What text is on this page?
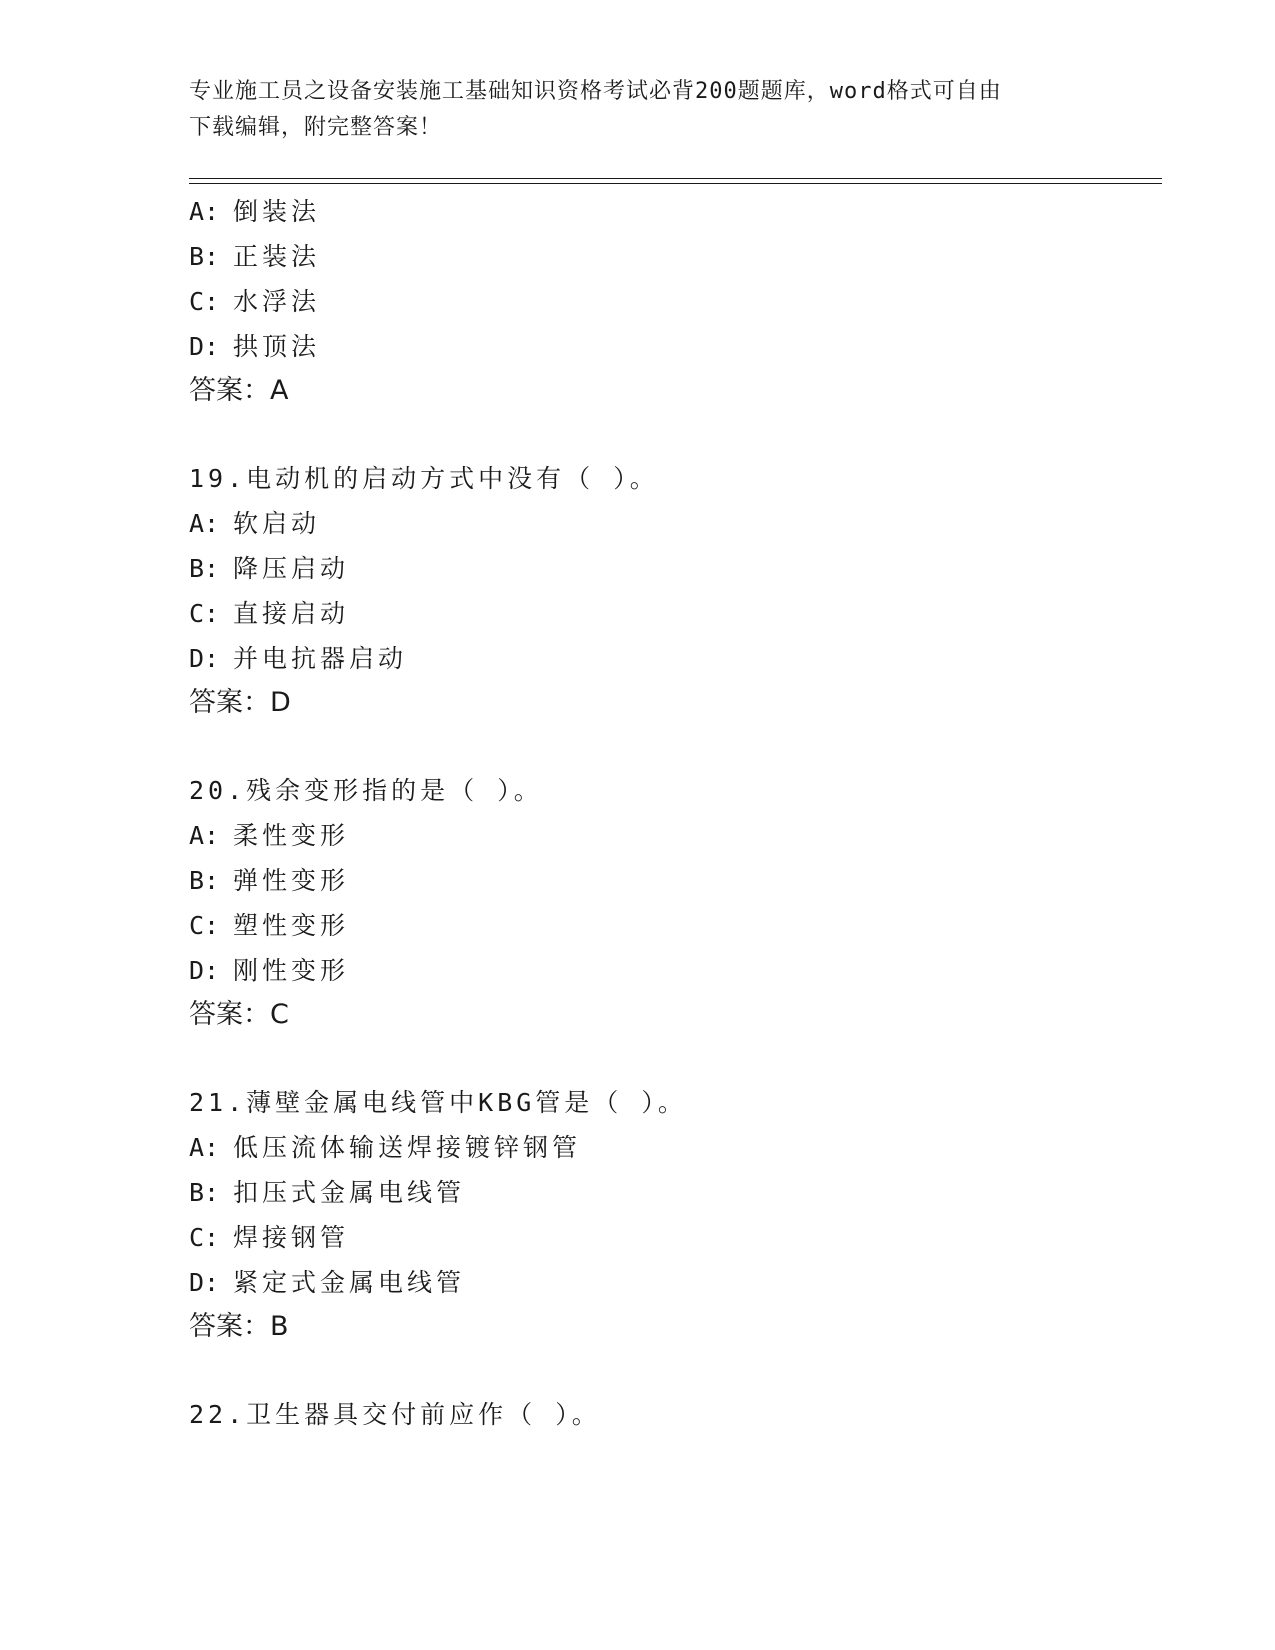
专业施工员之设备安装施工基础知识资格考试必背200题题库，word格式可自由
下载编辑，附完整答案！
A: 倒装法
B: 正装法
C: 水浮法
D: 拱顶法
答案：A
19.电动机的启动方式中没有（ ）。
A: 软启动
B: 降压启动
C: 直接启动
D: 并电抗器启动
答案：D
20.残余变形指的是（ ）。
A: 柔性变形
B: 弹性变形
C: 塑性变形
D: 刚性变形
答案：C
21.薄壁金属电线管中KBG管是（ ）。
A: 低压流体输送焊接镀锌钢管
B: 扣压式金属电线管
C: 焊接钢管
D: 紧定式金属电线管
答案：B
22.卫生器具交付前应作（ ）。
